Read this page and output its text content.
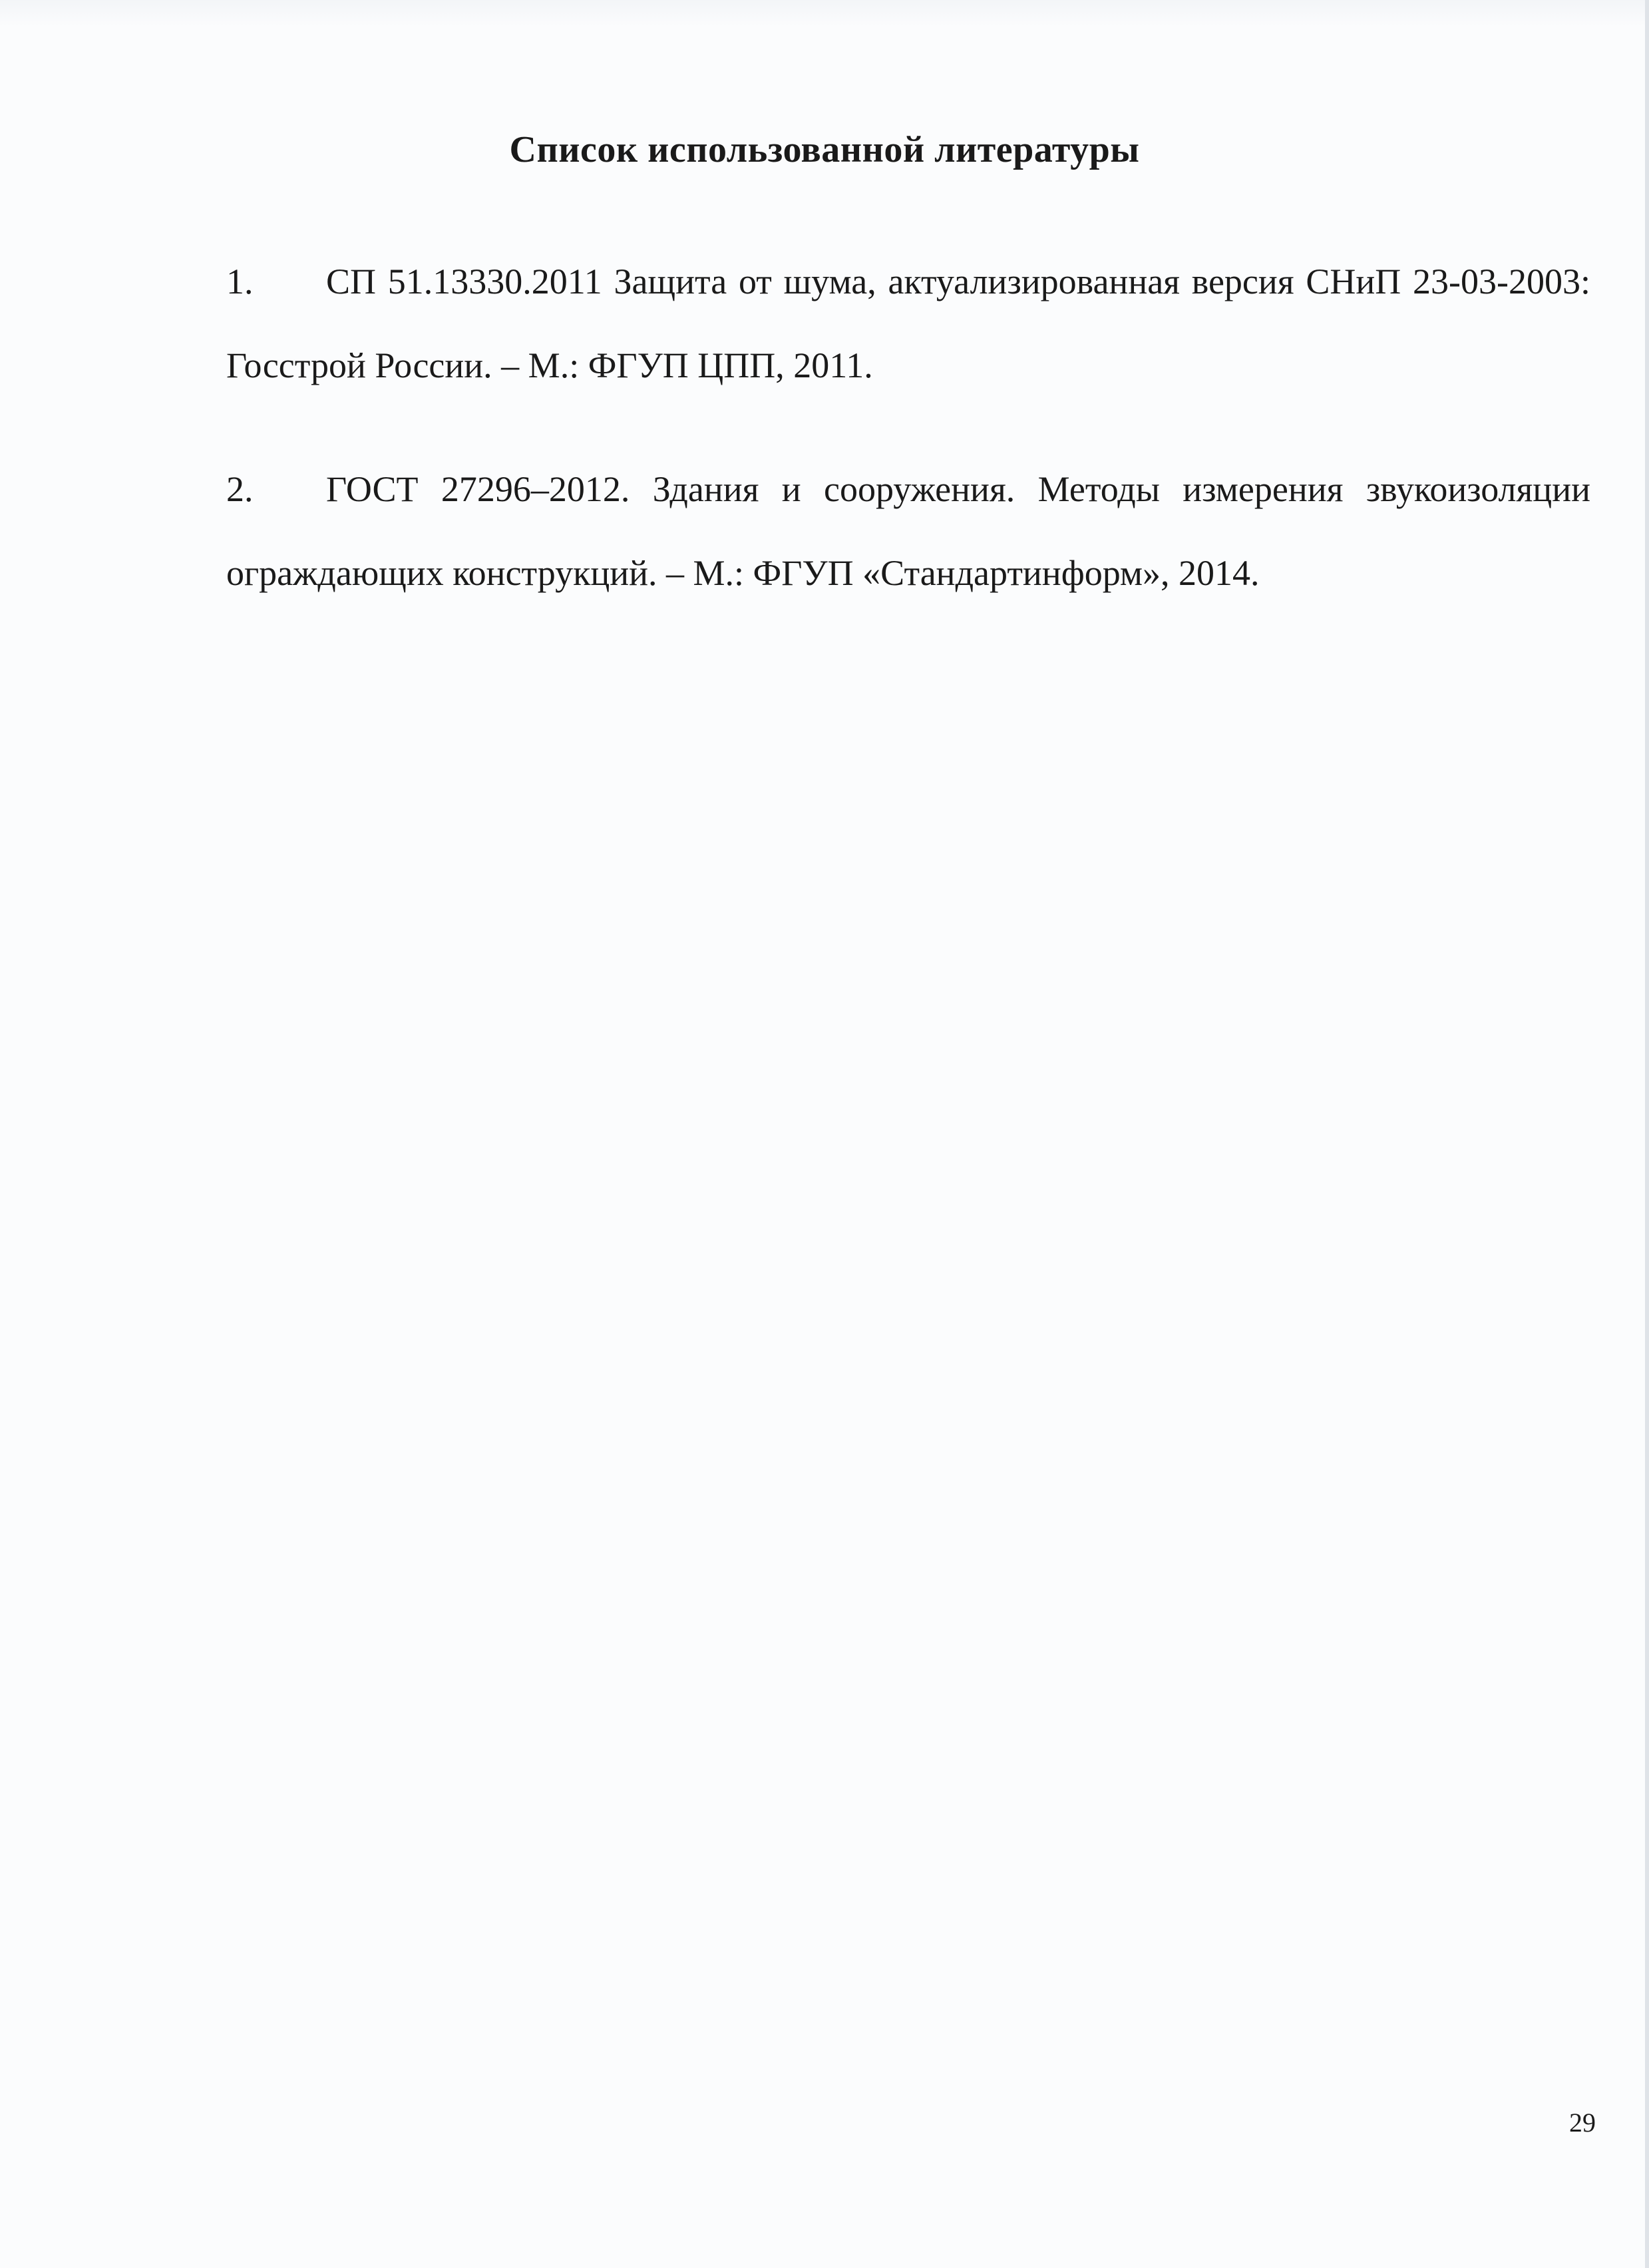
Список использованной литературы
1. СП 51.13330.2011 Защита от шума, актуализированная версия СНиП 23-03-2003: Госстрой России. – М.: ФГУП ЦПП, 2011.
2. ГОСТ 27296–2012. Здания и сооружения. Методы измерения звукоизоляции ограждающих конструкций. – М.: ФГУП «Стандартинформ», 2014.
29
